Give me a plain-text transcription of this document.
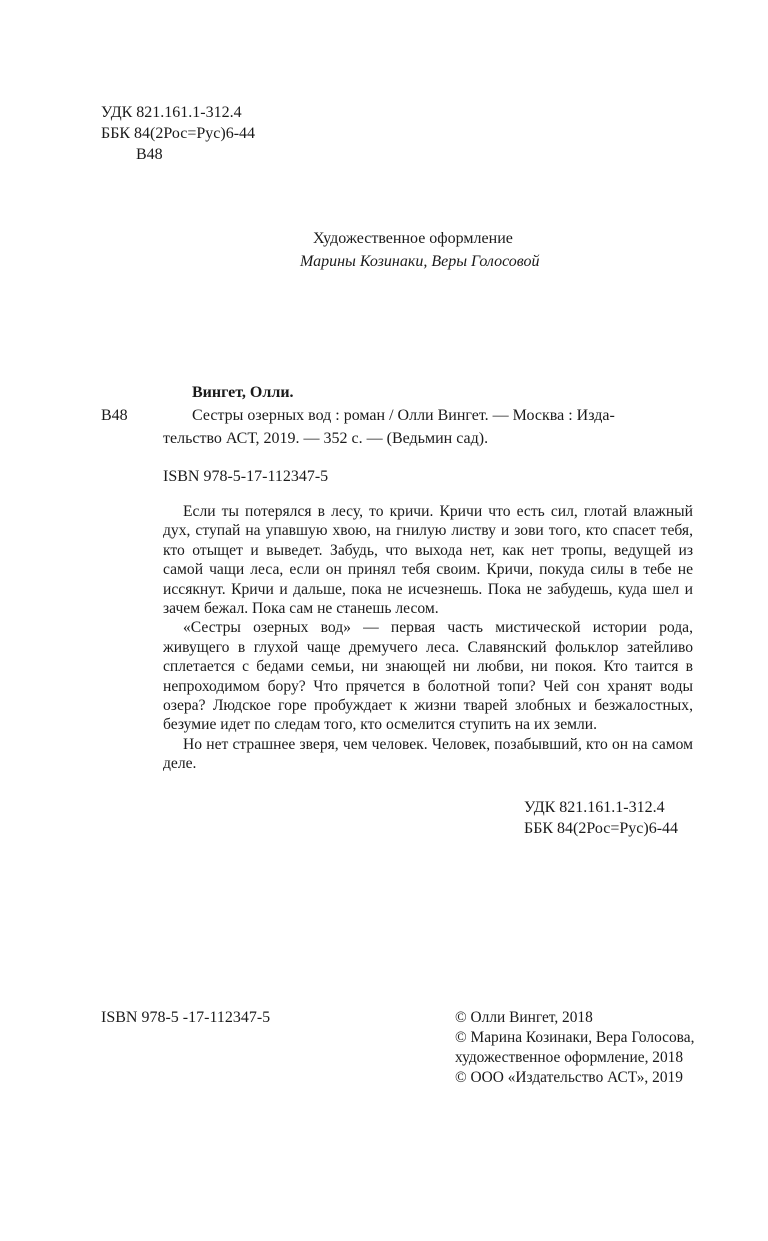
УДК 821.161.1-312.4
ББК 84(2Рос=Рус)6-44
В48
Художественное оформление
Марины Козинаки, Веры Голосовой
Вингет, Олли.
В48	Сестры озерных вод : роман / Олли Вингет. — Москва : Изда-
тельство АСТ, 2019. — 352 с. — (Ведьмин сад).
ISBN 978-5-17-112347-5

Если ты потерялся в лесу, то кричи. Кричи что есть сил, глотай влажный дух, ступай на упавшую хвою, на гнилую листву и зови того, кто спасет тебя, кто отыщет и выведет. Забудь, что выхода нет, как нет тропы, ведущей из самой чащи леса, если он принял тебя своим. Кричи, покуда силы в тебе не иссякнут. Кричи и дальше, пока не исчезнешь. Пока не забудешь, куда шел и зачем бежал. Пока сам не станешь лесом.

«Сестры озерных вод» — первая часть мистической истории рода, живущего в глухой чаще дремучего леса. Славянский фольклор затейливо сплетается с бедами семьи, ни знающей ни любви, ни покоя. Кто таится в непроходимом бору? Что прячется в болотной топи? Чей сон хранят воды озера? Людское горе пробуждает к жизни тварей злобных и безжалостных, безумие идет по следам того, кто осмелится ступить на их земли.

Но нет страшнее зверя, чем человек. Человек, позабывший, кто он на самом деле.

УДК 821.161.1-312.4
ББК 84(2Рос=Рус)6-44
ISBN 978-5 -17-112347-5	© Олли Вингет, 2018
© Марина Козинаки, Вера Голосова,
художественное оформление, 2018
© ООО «Издательство АСТ», 2019
